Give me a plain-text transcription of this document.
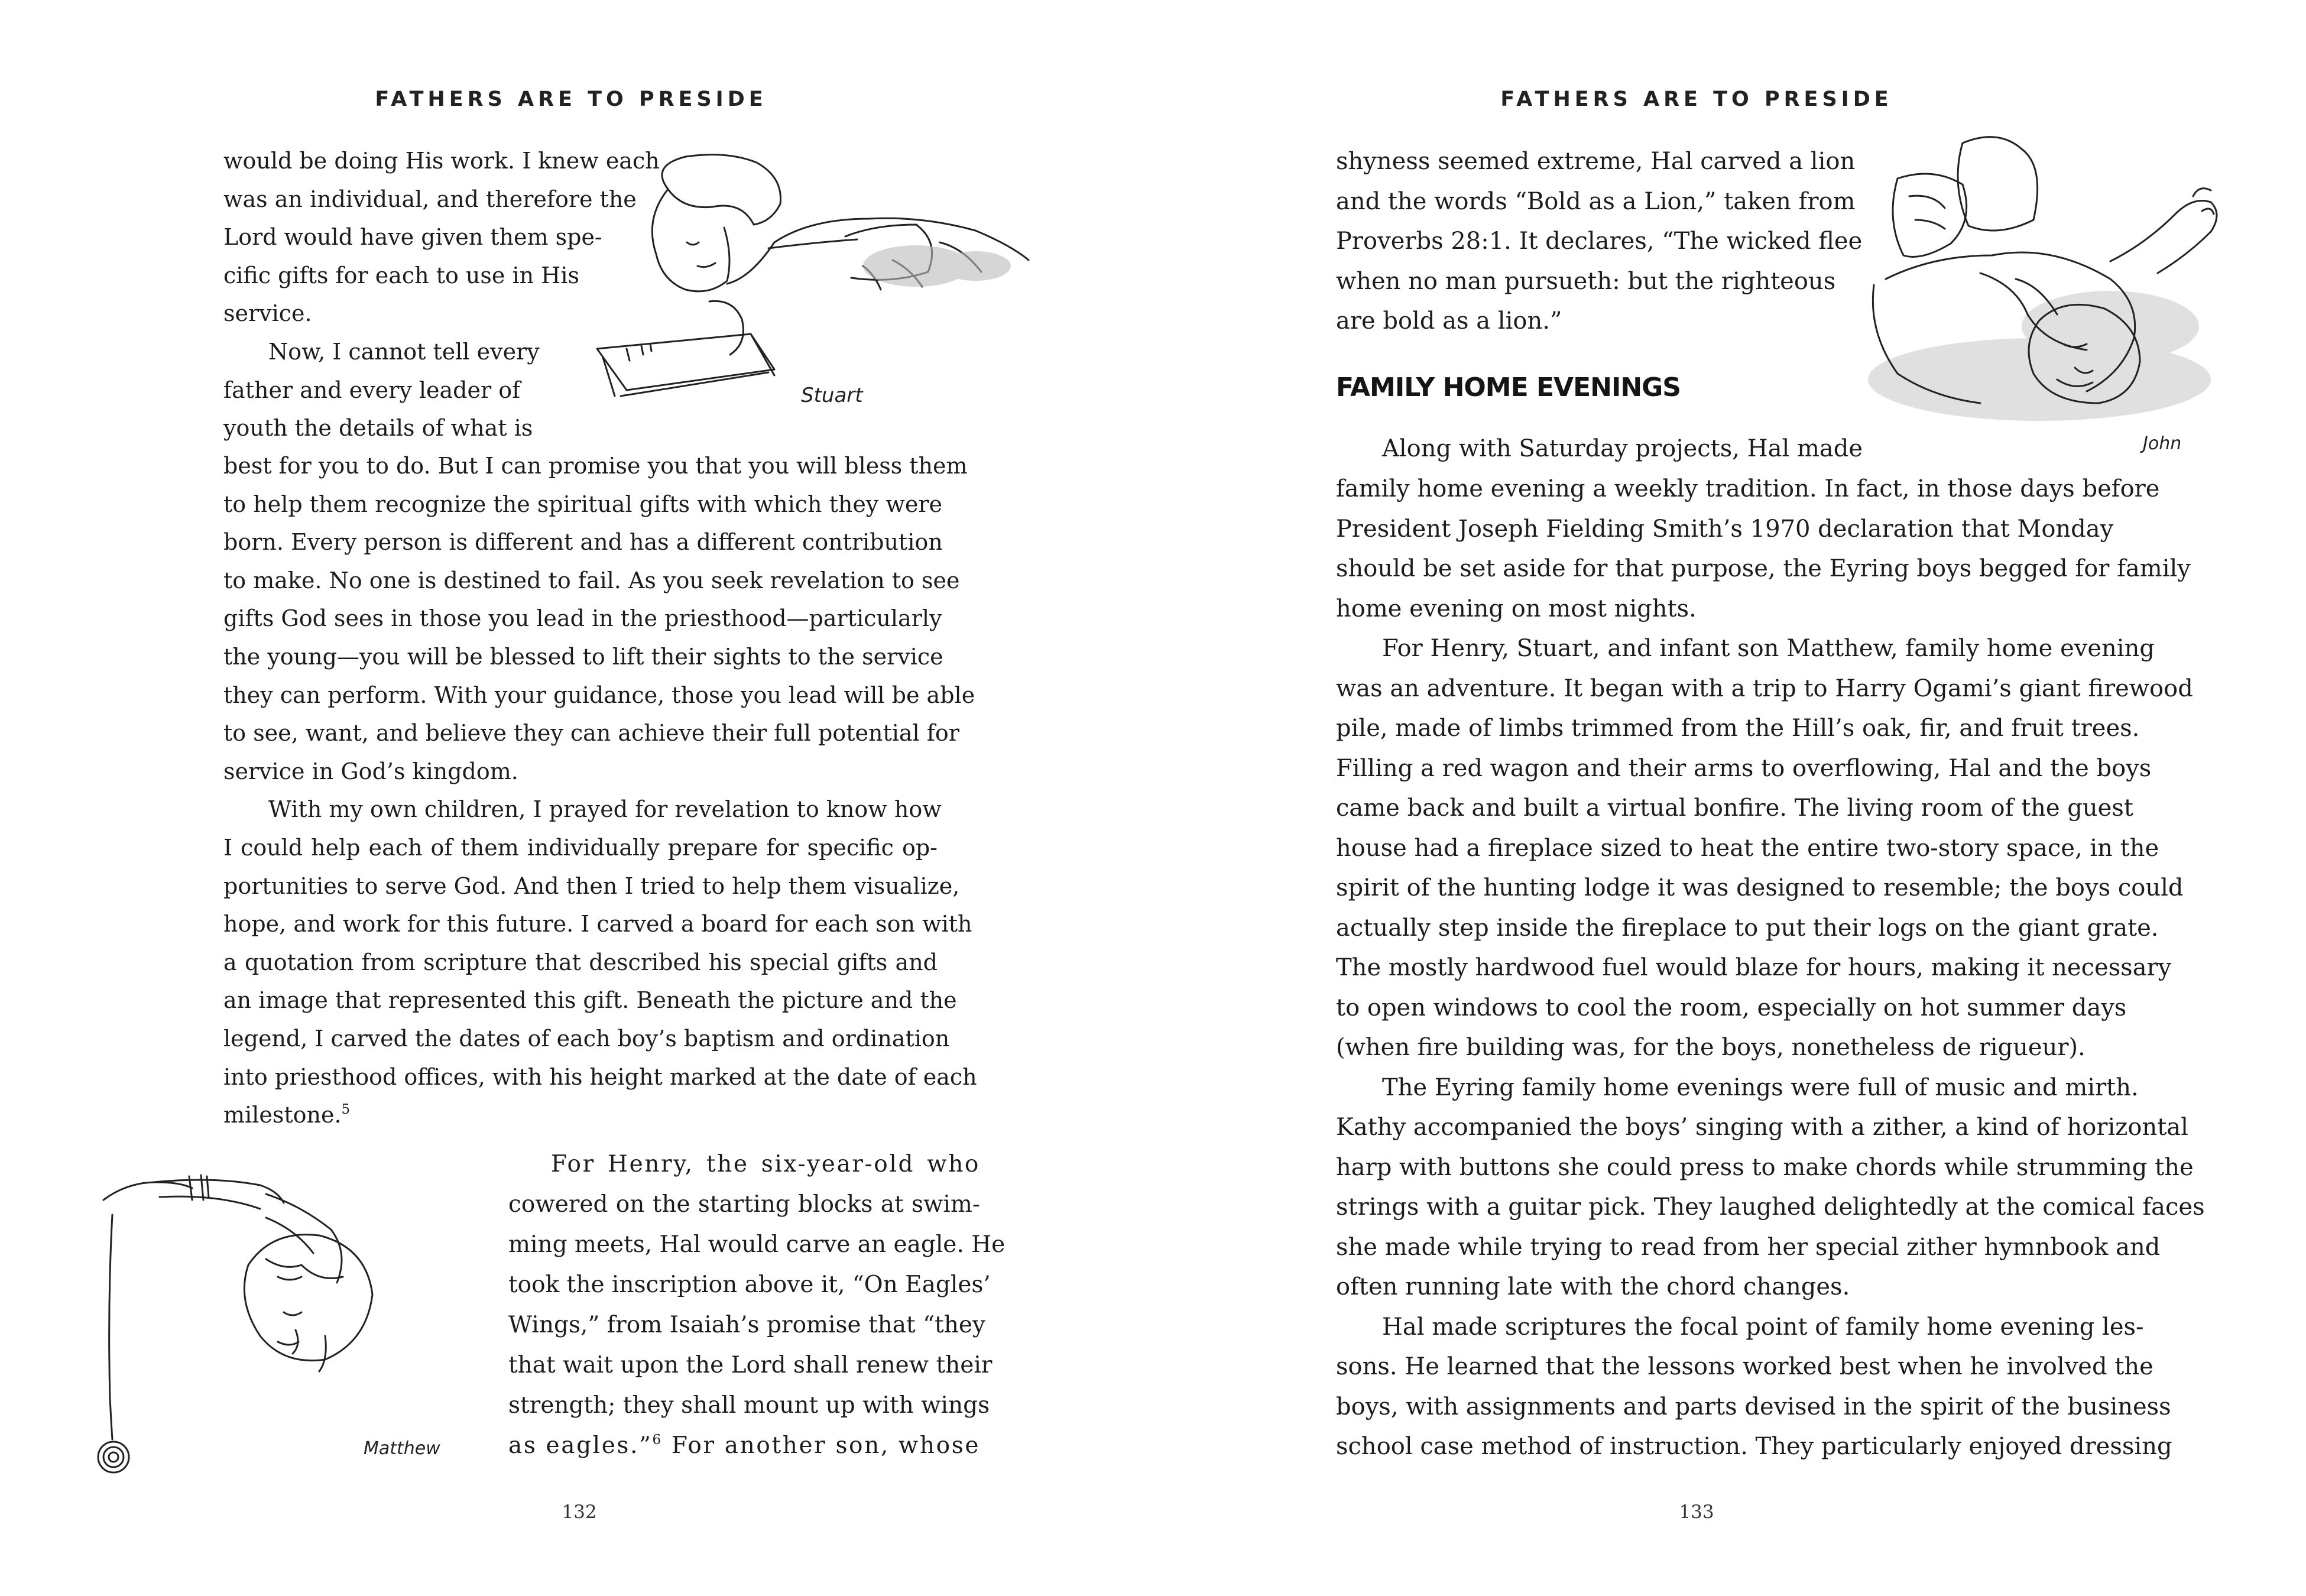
FATHERS ARE TO PRESIDE
would be doing His work. I knew each
was an individual, and therefore the
Lord would have given them spe-
cific gifts for each to use in His
service.
Now, I cannot tell every
father and every leader of
youth the details of what is
Stuart
best for you to do. But I can promise you that you will bless them
to help them recognize the spiritual gifts with which they were
born. Every person is different and has a different contribution
to make. No one is destined to fail. As you seek revelation to see
gifts God sees in those you lead in the priesthood—particularly
the young—you will be blessed to lift their sights to the service
they can perform. With your guidance, those you lead will be able
to see, want, and believe they can achieve their full potential for
service in God’s kingdom.
With my own children, I prayed for revelation to know how
I could help each of them individually prepare for specific op-
portunities to serve God. And then I tried to help them visualize,
hope, and work for this future. I carved a board for each son with
a quotation from scripture that described his special gifts and
an image that represented this gift. Beneath the picture and the
legend, I carved the dates of each boy’s baptism and ordination
into priesthood offices, with his height marked at the date of each
milestone.$^5$
Matthew
For Henry, the six-year-old who
cowered on the starting blocks at swim-
ming meets, Hal would carve an eagle. He
took the inscription above it, “On Eagles’
Wings,” from Isaiah’s promise that “they
that wait upon the Lord shall renew their
strength; they shall mount up with wings
as eagles.”$^6$ For another son, whose
132
FATHERS ARE TO PRESIDE
shyness seemed extreme, Hal carved a lion
and the words “Bold as a Lion,” taken from
Proverbs 28:1. It declares, “The wicked flee
when no man pursueth: but the righteous
are bold as a lion.”
John
FAMILY HOME EVENINGS
Along with Saturday projects, Hal made
family home evening a weekly tradition. In fact, in those days before
President Joseph Fielding Smith’s 1970 declaration that Monday
should be set aside for that purpose, the Eyring boys begged for family
home evening on most nights.
For Henry, Stuart, and infant son Matthew, family home evening
was an adventure. It began with a trip to Harry Ogami’s giant firewood
pile, made of limbs trimmed from the Hill’s oak, fir, and fruit trees.
Filling a red wagon and their arms to overflowing, Hal and the boys
came back and built a virtual bonfire. The living room of the guest
house had a fireplace sized to heat the entire two-story space, in the
spirit of the hunting lodge it was designed to resemble; the boys could
actually step inside the fireplace to put their logs on the giant grate.
The mostly hardwood fuel would blaze for hours, making it necessary
to open windows to cool the room, especially on hot summer days
(when fire building was, for the boys, nonetheless de rigueur).
The Eyring family home evenings were full of music and mirth.
Kathy accompanied the boys’ singing with a zither, a kind of horizontal
harp with buttons she could press to make chords while strumming the
strings with a guitar pick. They laughed delightedly at the comical faces
she made while trying to read from her special zither hymnbook and
often running late with the chord changes.
Hal made scriptures the focal point of family home evening les-
sons. He learned that the lessons worked best when he involved the
boys, with assignments and parts devised in the spirit of the business
school case method of instruction. They particularly enjoyed dressing
133
